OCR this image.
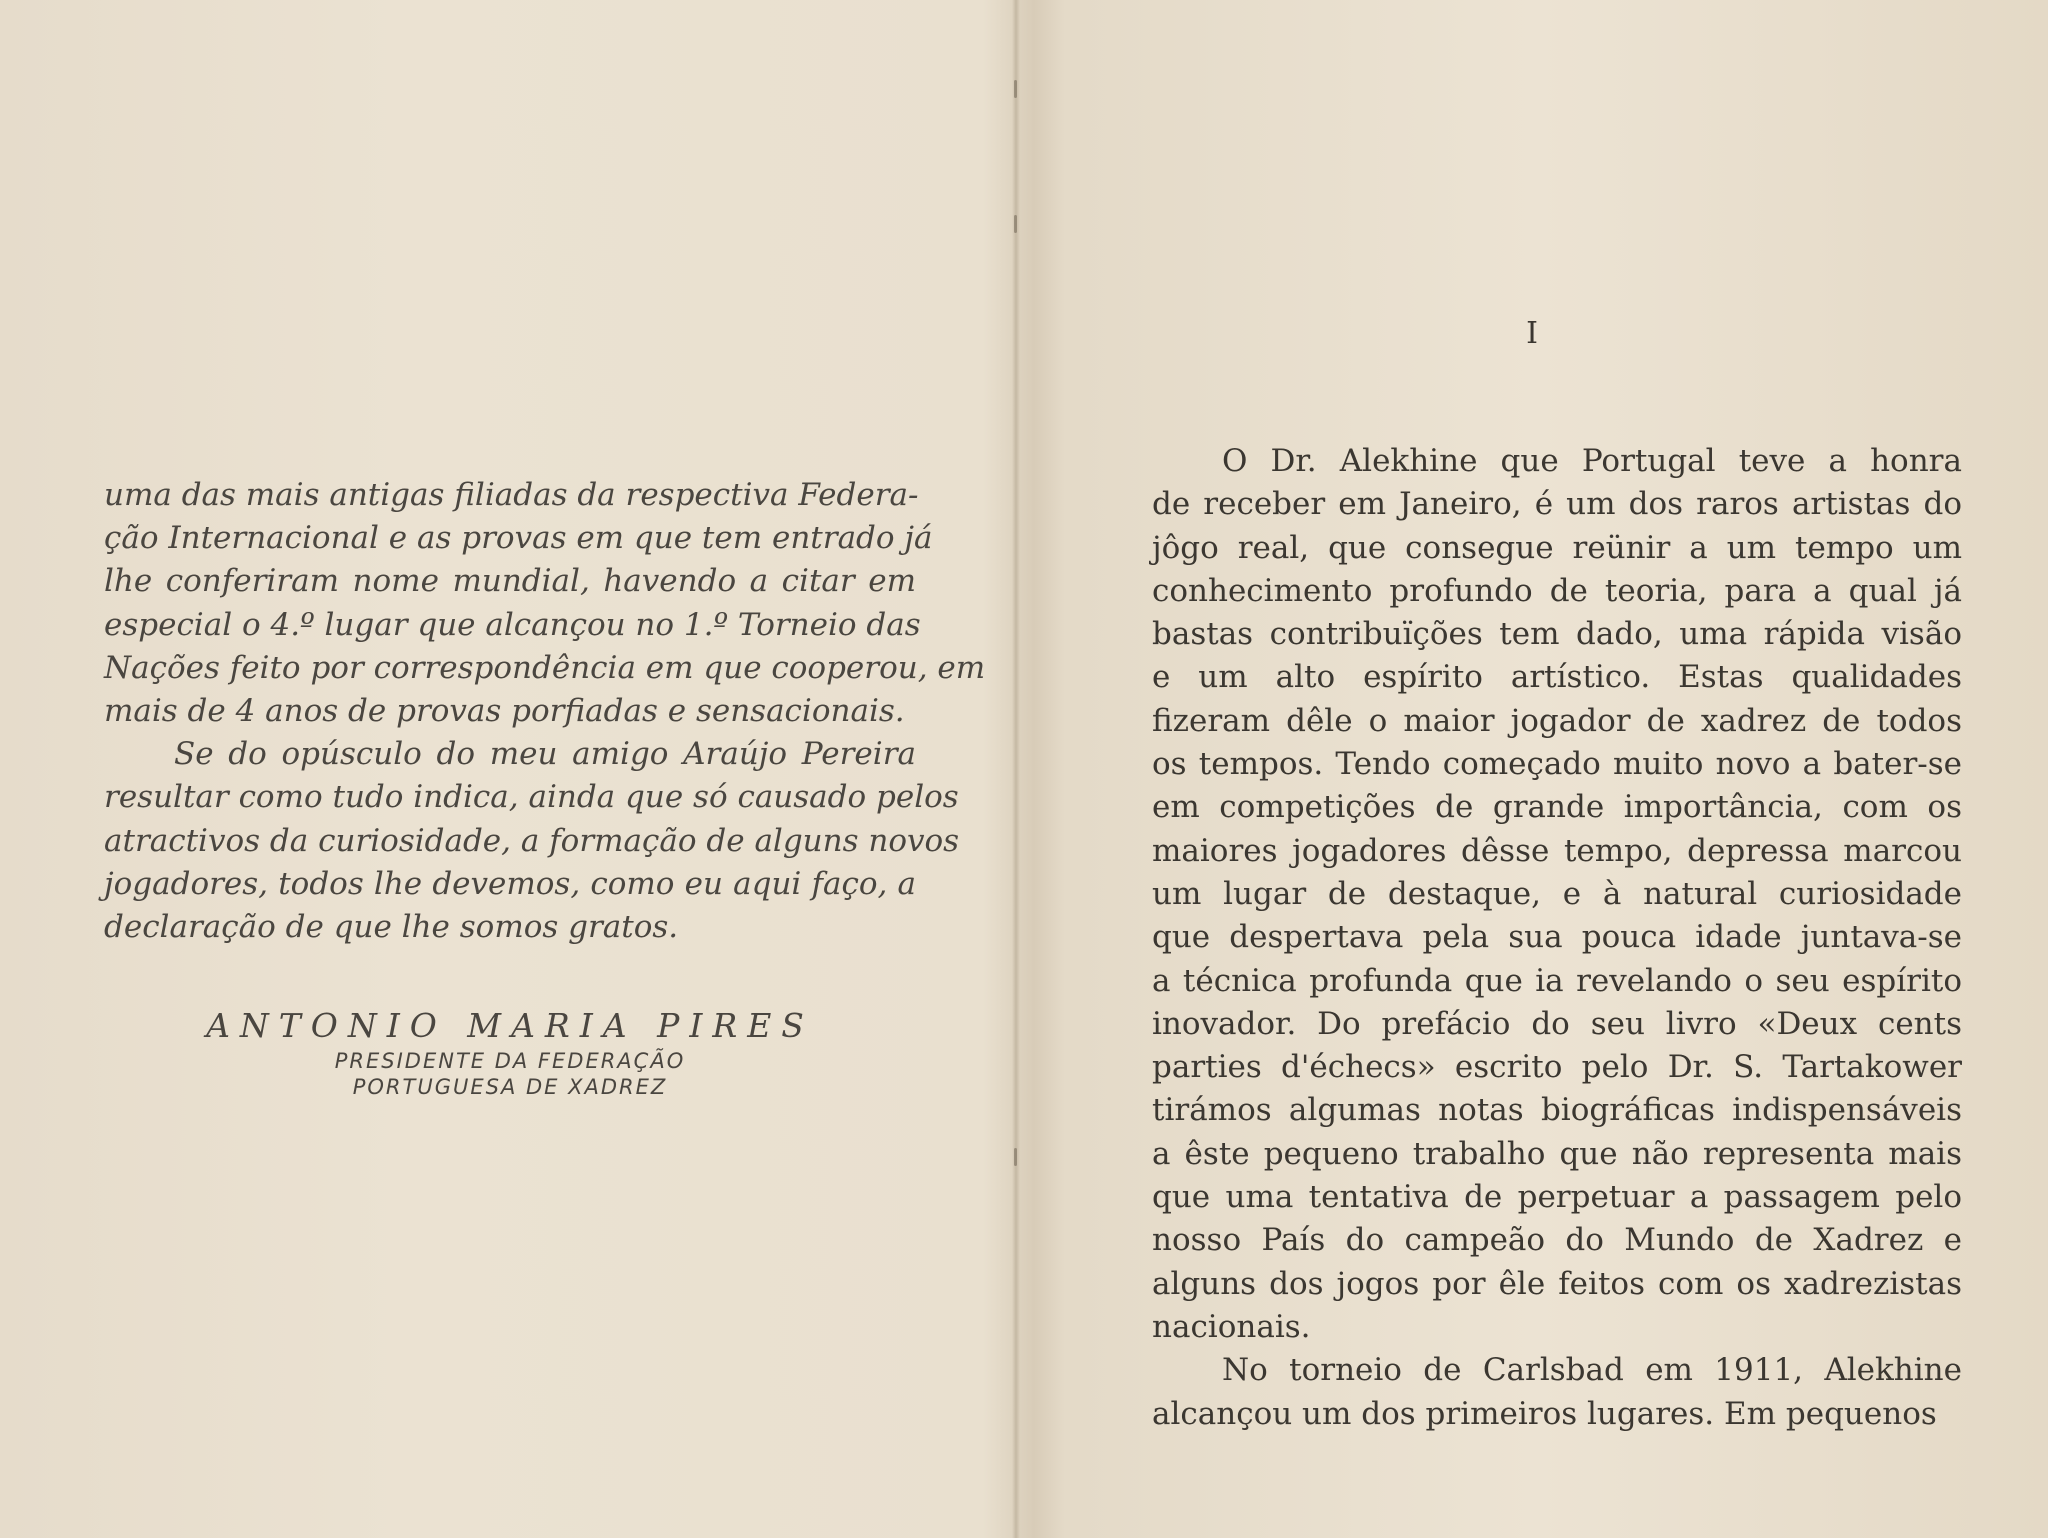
uma das mais antigas filiadas da respectiva Federa-
ção Internacional e as provas em que tem entrado já
lhe conferiram nome mundial, havendo a citar em
especial o 4.º lugar que alcançou no 1.º Torneio das
Nações feito por correspondência em que cooperou, em
mais de 4 anos de provas porfiadas e sensacionais.
Se do opúsculo do meu amigo Araújo Pereira
resultar como tudo indica, ainda que só causado pelos
atractivos da curiosidade, a formação de alguns novos
jogadores, todos lhe devemos, como eu aqui faço, a
declaração de que lhe somos gratos.
ANTONIO MARIA PIRES
PRESIDENTE DA FEDERAÇÃO
PORTUGUESA DE XADREZ
I
O Dr. Alekhine que Portugal teve a honra
de receber em Janeiro, é um dos raros artistas do
jôgo real, que consegue reünir a um tempo um
conhecimento profundo de teoria, para a qual já
bastas contribuïções tem dado, uma rápida visão
e um alto espírito artístico. Estas qualidades
fizeram dêle o maior jogador de xadrez de todos
os tempos. Tendo começado muito novo a bater-se
em competições de grande importância, com os
maiores jogadores dêsse tempo, depressa marcou
um lugar de destaque, e à natural curiosidade
que despertava pela sua pouca idade juntava-se
a técnica profunda que ia revelando o seu espírito
inovador. Do prefácio do seu livro «Deux cents
parties d'échecs» escrito pelo Dr. S. Tartakower
tirámos algumas notas biográficas indispensáveis
a êste pequeno trabalho que não representa mais
que uma tentativa de perpetuar a passagem pelo
nosso País do campeão do Mundo de Xadrez e
alguns dos jogos por êle feitos com os xadrezistas
nacionais.
No torneio de Carlsbad em 1911, Alekhine
alcançou um dos primeiros lugares. Em pequenos
